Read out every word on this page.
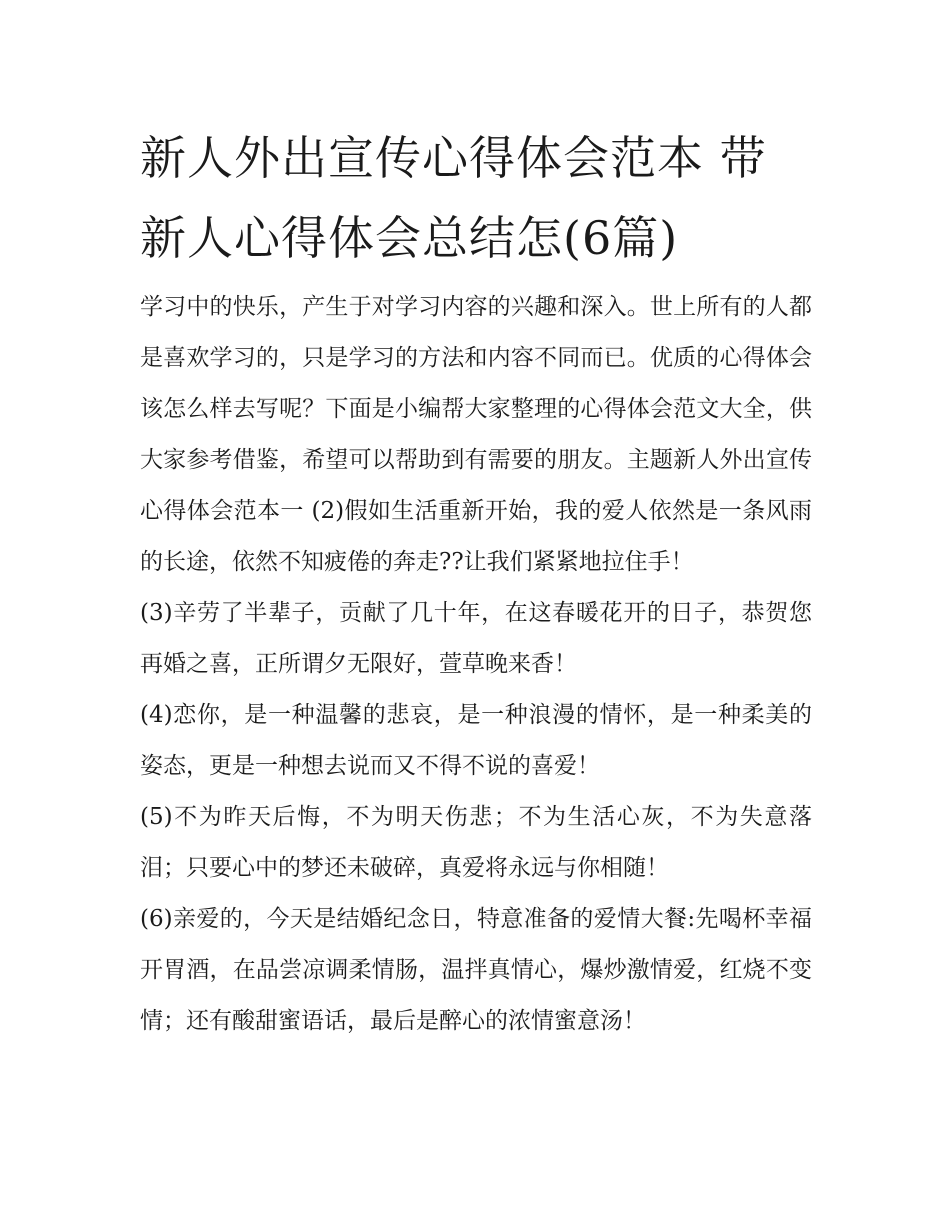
新人外出宣传心得体会范本 带新人心得体会总结怎(6篇)

学习中的快乐，产生于对学习内容的兴趣和深入。世上所有的人都是喜欢学习的，只是学习的方法和内容不同而已。优质的心得体会该怎么样去写呢？下面是小编帮大家整理的心得体会范文大全，供大家参考借鉴，希望可以帮助到有需要的朋友。主题新人外出宣传心得体会范本一 (2)假如生活重新开始，我的爱人依然是一条风雨的长途，依然不知疲倦的奔走??让我们紧紧地拉住手！

(3)辛劳了半辈子，贡献了几十年，在这春暖花开的日子，恭贺您再婚之喜，正所谓夕无限好，萱草晚来香！

(4)恋你，是一种温馨的悲哀，是一种浪漫的情怀，是一种柔美的姿态，更是一种想去说而又不得不说的喜爱！

(5)不为昨天后悔，不为明天伤悲；不为生活心灰，不为失意落泪；只要心中的梦还未破碎，真爱将永远与你相随！

(6)亲爱的，今天是结婚纪念日，特意准备的爱情大餐:先喝杯幸福开胃酒，在品尝凉调柔情肠，温拌真情心，爆炒激情爱，红烧不变情；还有酸甜蜜语话，最后是醉心的浓情蜜意汤！
